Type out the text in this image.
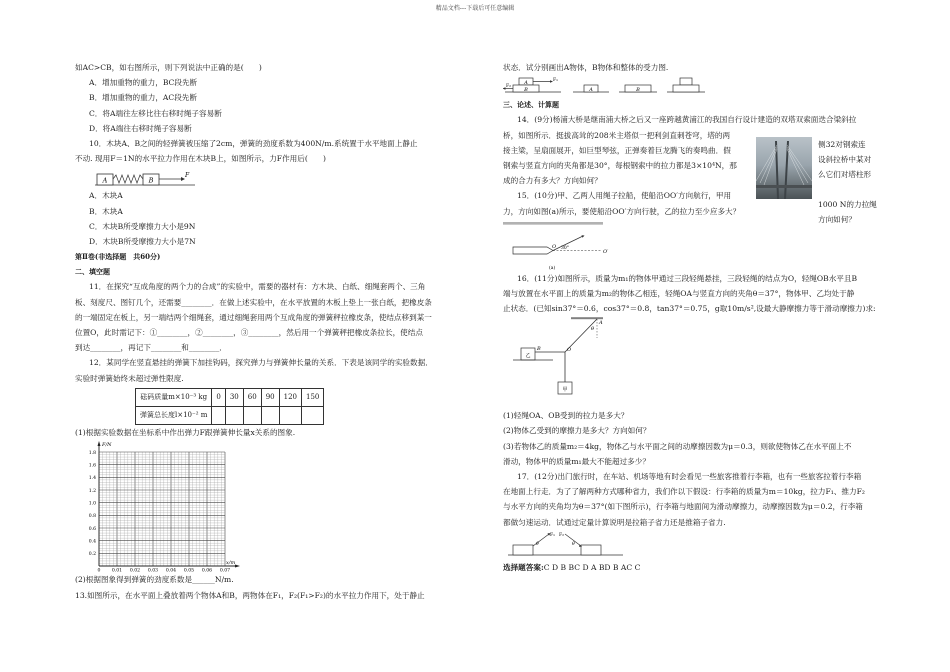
精品文档---下载后可任意编辑
如AC>CB，如右图所示，则下列说法中正确的是(　　)
A．增加重物的重力，BC段先断
B．增加重物的重力，AC段先断
C．将A端往左移比往右移时绳子容易断
D．将A端往右移时绳子容易断
10．木块A、B之间的轻弹簧被压缩了2cm，弹簧的劲度系数为400N/m.系统置于水平地面上静止
不动. 现用F＝1N的水平拉力作用在木块B上，如图所示，力F作用后(　　)
A	B
F
A．木块A
B．木块A
C．木块B所受摩擦力大小是9N
D．木块B所受摩擦力大小是7N
第Ⅱ卷(非选择题　共60分)
二、填空题
11．在探究“互成角度的两个力的合成”的实验中，需要的器材有：方木块、白纸、细绳套两个、三角
板、刻度尺、图钉几个，还需要________．在做上述实验中，在水平放置的木板上垫上一张白纸，把橡皮条
的一端固定在板上，另一端结两个细绳套，通过细绳套用两个互成角度的弹簧秤拉橡皮条，使结点移到某一
位置O，此时需记下：①________，②________，③________，然后用一个弹簧秤把橡皮条拉长，使结点
到达________，再记下________和________．
12．某同学在竖直悬挂的弹簧下加挂钩码，探究弹力与弹簧伸长量的关系．下表是该同学的实验数据．
实验时弹簧始终未超过弹性限度.
砝码质量m×10⁻³ kg	0	30	60	90	120	150
弹簧总长度l×10⁻² m						
(1)根据实验数据在坐标系中作出弹力F跟弹簧伸长量x关系的图象.
F/N
x/m
1.8
1.6
1.4
1.2
1.0
0.8
0.6
0.4
0.2
0 0.01 0.02 0.03 0.04 0.05 0.06 0.07
(2)根据图象得到弹簧的劲度系数是______N/m.
13.如图所示，在水平面上叠放着两个物体A和B，两物体在F₁，F₂(F₁>F₂)的水平拉力作用下，处于静止
状态．试分别画出A物体，B物体和整体的受力图.
A
B
F₁
F₂
A	B
三、论述、计算题
14．(9分)杨浦大桥是继南浦大桥之后又一座跨越黄浦江的我国自行设计建造的双塔双索面迭合梁斜拉
桥，如图所示．挺拔高耸的208米主塔似一把利剑直刺苍穹，塔的两
接主梁，呈扇面展开，如巨型琴弦，正弹奏着巨龙腾飞的奏鸣曲．假
钢索与竖直方向的夹角都是30°，每根钢索中的拉力都是3×10⁴N，那
成的合力有多大？方向如何？
15．(10分)甲、乙两人用绳子拉船，使船沿OO′方向航行，甲用
力，方向如图(a)所示，要使船沿OO′方向行驶，乙的拉力至少应多大？
O
O′
30°
(a)
16．(11分)如图所示，质量为m₁的物体甲通过三段轻绳悬挂，三段轻绳的结点为O，轻绳OB水平且B
端与放置在水平面上的质量为m₂的物体乙相连，轻绳OA与竖直方向的夹角θ＝37°，物体甲、乙均处于静
止状态．(已知sin37°＝0.6，cos37°＝0.8，tan37°＝0.75，g取10m/s²,设最大静摩擦力等于滑动摩擦力)求:
A
θ
O
B
乙
甲
(1)轻绳OA、OB受到的拉力是多大？
(2)物体乙受到的摩擦力是多大？方向如何？
(3)若物体乙的质量m₂＝4kg，物体乙与水平面之间的动摩擦因数为μ＝0.3，则欲使物体乙在水平面上不
滑动，物体甲的质量m₁最大不能超过多少？
17．(12分)出门旅行时，在车站、机场等地有时会看见一些旅客推着行李箱，也有一些旅客拉着行李箱
在地面上行走．为了了解两种方式哪种省力，我们作以下假设：行李箱的质量为m＝10kg，拉力F₁、推力F₂
与水平方向的夹角均为θ＝37°(如下图所示)，行李箱与地面间为滑动摩擦力，动摩擦因数为μ＝0.2，行李箱
都做匀速运动．试通过定量计算说明是拉箱子省力还是推箱子省力.
F₁
θ
F₂
θ
选择题答案:C D B BC D A BD B AC C
侧32对钢索连
设斜拉桥中某对
么它们对塔柱形
1000 N的力拉绳
方向如何？
